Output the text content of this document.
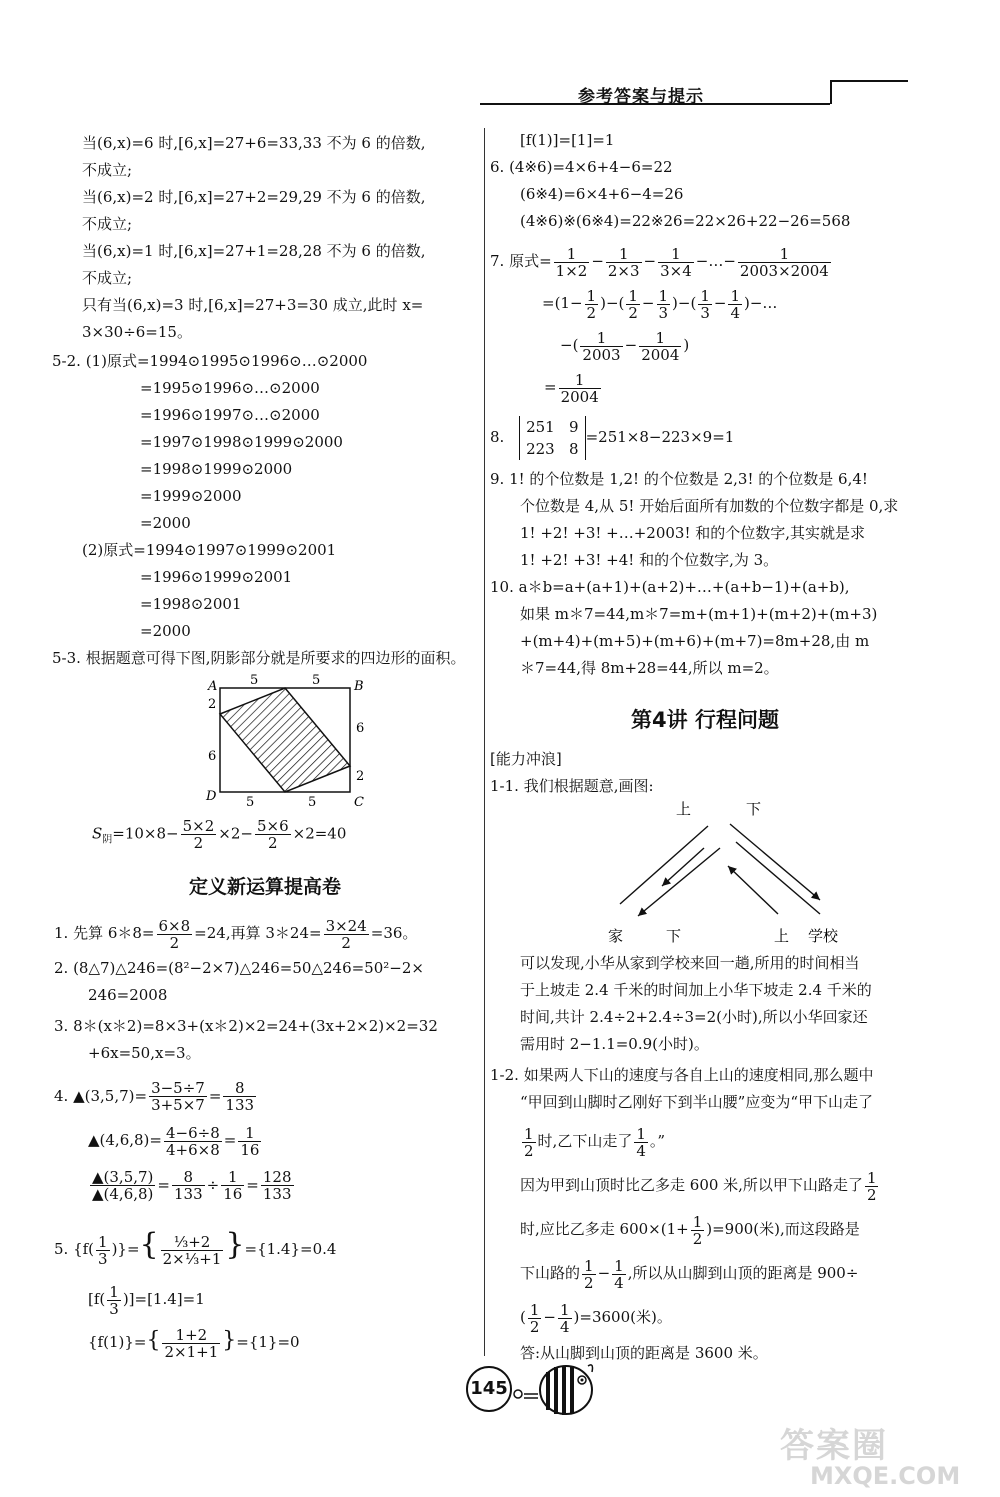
参考答案与提示
当(6,x)=6 时,[6,x]=27+6=33,33 不为 6 的倍数,
不成立;
当(6,x)=2 时,[6,x]=27+2=29,29 不为 6 的倍数,
不成立;
当(6,x)=1 时,[6,x]=27+1=28,28 不为 6 的倍数,
不成立;
只有当(6,x)=3 时,[6,x]=27+3=30 成立,此时 x=
3×30÷6=15。
5-2. (1)原式=1994⊙1995⊙1996⊙…⊙2000
=1995⊙1996⊙…⊙2000
=1996⊙1997⊙…⊙2000
=1997⊙1998⊙1999⊙2000
=1998⊙1999⊙2000
=1999⊙2000
=2000
(2)原式=1994⊙1997⊙1999⊙2001
=1996⊙1999⊙2001
=1998⊙2001
=2000
5-3. 根据题意可得下图,阴影部分就是所要求的四边形的面积。
A	B
C
D
5	5
5	5
2
6
6
2
$S_阴=10\times 8- \frac{5\times 2}{2} \times 2- \frac{5\times 6}{2} \times 2=40$
定义新运算提高卷
1. 先算 6＊8= $\frac{6\times 8}{2} =24$,再算 3＊24= $\frac{3\times 24}{2} =36$。
2. (8△7)△246=(8²−2×7)△246=50△246=50²−2×
246=2008
3. 8＊(x＊2)=8×3+(x＊2)×2=24+(3x+2×2)×2=32
+6x=50,x=3。
4. ▲(3,5,7)= $\frac{3-5\div 7}{3+5\times 7} = \frac{8}{133}$
▲(4,6,8)= $\frac{4-6\div 8}{4+6\times 8} = \frac{1}{16}$
$\frac{▲(3,5,7)}{▲(4,6,8)} = \frac{8}{133} \div \frac{1}{16} = \frac{128}{133}$
5. {$f( \frac{1}{3}$ )}={ $\frac{\text{⅓+2}}{\text{2×⅓+1}} \}=\{1.4\}=0.4$
$[f( \frac{1}{3} )]=[1.4]=1$
$\{f(1)\}=\{ \frac{1+2}{2\times 1+1} \}=\{1\}=0$
[f(1)]=[1]=1
6. (4※6)=4×6+4−6=22
(6※4)=6×4+6−4=26
(4※6)※(6※4)=22※26=22×26+22−26=568
7. 原式= $\frac{1}{1\times 2} - \frac{1}{2\times 3} - \frac{1}{3\times 4}$ −…− $\frac{1}{2003\times 2004}$
$=(1- \frac{1}{2}$ )−( $\frac{1}{2} - \frac{1}{3}$ )−( $\frac{1}{3} - \frac{1}{4}$ )−…
−( $\frac{1}{2003} - \frac{1}{2004}$ )
= $\frac{1}{2004}$
8.
251 9
223 8
=251×8−223×9=1
9. 1! 的个位数是 1,2! 的个位数是 2,3! 的个位数是 6,4!
个位数是 4,从 5! 开始后面所有加数的个位数字都是 0,求
1! +2! +3! +…+2003! 和的个位数字,其实就是求
1! +2! +3! +4! 和的个位数字,为 3。
10. a＊b=a+(a+1)+(a+2)+…+(a+b−1)+(a+b),
如果 m＊7=44,m＊7=m+(m+1)+(m+2)+(m+3)
+(m+4)+(m+5)+(m+6)+(m+7)=8m+28,由 m
＊7=44,得 8m+28=44,所以 m=2。
第4讲 行程问题
[能力冲浪]
1-1. 我们根据题意,画图:
上	下
家	下	上 学校
可以发现,小华从家到学校来回一趟,所用的时间相当
于上坡走 2.4 千米的时间加上小华下坡走 2.4 千米的
时间,共计 2.4÷2+2.4÷3=2(小时),所以小华回家还
需用时 2−1.1=0.9(小时)。
1-2. 如果两人下山的速度与各自上山的速度相同,那么题中
“甲回到山脚时乙刚好下到半山腰”应变为“甲下山走了
$\frac{1}{2}$ 时,乙下山走了 $\frac{1}{4}$ 。”
因为甲到山顶时比乙多走 600 米,所以甲下山路走了 $\frac{1}{2}$
时,应比乙多走 $600\times(1+ \frac{1}{2} )=900$(米),而这段路是
下山路的 $\frac{1}{2} - \frac{1}{4}$ ,所以从山脚到山顶的距离是 900÷
( $\frac{1}{2} - \frac{1}{4} )=3600$(米)。
答:从山脚到山顶的距离是 3600 米。
145
答案圈
MXQE.COM
